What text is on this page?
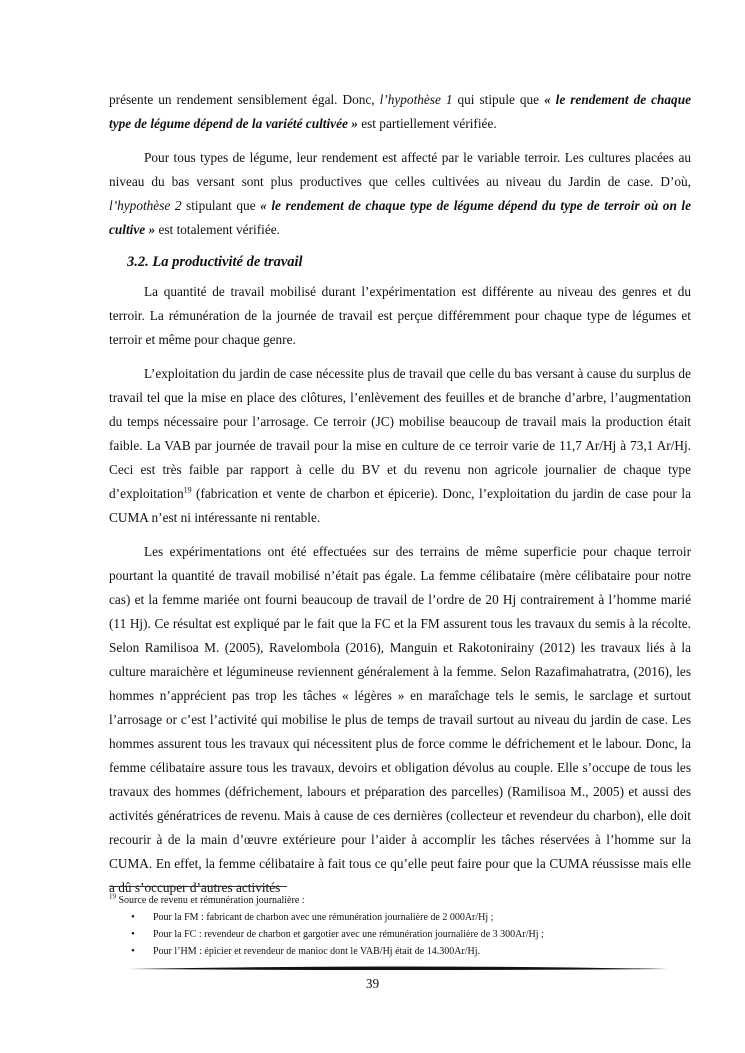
présente un rendement sensiblement égal. Donc, l’hypothèse 1 qui stipule que « le rendement de chaque type de légume dépend de la variété cultivée » est partiellement vérifiée.

Pour tous types de légume, leur rendement est affecté par le variable terroir. Les cultures placées au niveau du bas versant sont plus productives que celles cultivées au niveau du Jardin de case. D’où, l’hypothèse 2 stipulant que « le rendement de chaque type de légume dépend du type de terroir où on le cultive » est totalement vérifiée.

3.2. La productivité de travail

La quantité de travail mobilisé durant l’expérimentation est différente au niveau des genres et du terroir. La rémunération de la journée de travail est perçue différemment pour chaque type de légumes et terroir et même pour chaque genre.

L’exploitation du jardin de case nécessite plus de travail que celle du bas versant à cause du surplus de travail tel que la mise en place des clôtures, l’enlèvement des feuilles et de branche d’arbre, l’augmentation du temps nécessaire pour l’arrosage. Ce terroir (JC) mobilise beaucoup de travail mais la production était faible. La VAB par journée de travail pour la mise en culture de ce terroir varie de 11,7 Ar/Hj à 73,1 Ar/Hj. Ceci est très faible par rapport à celle du BV et du revenu non agricole journalier de chaque type d’exploitation$^{19}$ (fabrication et vente de charbon et épicerie). Donc, l’exploitation du jardin de case pour la CUMA n’est ni intéressante ni rentable.

Les expérimentations ont été effectuées sur des terrains de même superficie pour chaque terroir pourtant la quantité de travail mobilisé n’était pas égale. La femme célibataire (mère célibataire pour notre cas) et la femme mariée ont fourni beaucoup de travail de l’ordre de 20 Hj contrairement à l’homme marié (11 Hj). Ce résultat est expliqué par le fait que la FC et la FM assurent tous les travaux du semis à la récolte. Selon Ramilisoa M. (2005), Ravelombola (2016), Manguin et Rakotonirainy (2012) les travaux liés à la culture maraichère et légumineuse reviennent généralement à la femme. Selon Razafimahatratra, (2016), les hommes n’apprécient pas trop les tâches « légères » en maraîchage tels le semis, le sarclage et surtout l’arrosage or c’est l’activité qui mobilise le plus de temps de travail surtout au niveau du jardin de case. Les hommes assurent tous les travaux qui nécessitent plus de force comme le défrichement et le labour. Donc, la femme célibataire assure tous les travaux, devoirs et obligation dévolus au couple. Elle s’occupe de tous les travaux des hommes (défrichement, labours et préparation des parcelles) (Ramilisoa M., 2005) et aussi des activités génératrices de revenu. Mais à cause de ces dernières (collecteur et revendeur du charbon), elle doit recourir à de la main d’œuvre extérieure pour l’aider à accomplir les tâches réservées à l’homme sur la CUMA. En effet, la femme célibataire à fait tous ce qu’elle peut faire pour que la CUMA réussisse mais elle a dû s’occuper d’autres activités

$^{19}$ Source de revenu et rémunération journalière :
• Pour la FM : fabricant de charbon avec une rémunération journalière de 2 000Ar/Hj ;
• Pour la FC : revendeur de charbon et gargotier avec une rémunération journalière de 3 300Ar/Hj ;
• Pour l’HM : épicier et revendeur de manioc dont le VAB/Hj était de 14.300Ar/Hj.
39
